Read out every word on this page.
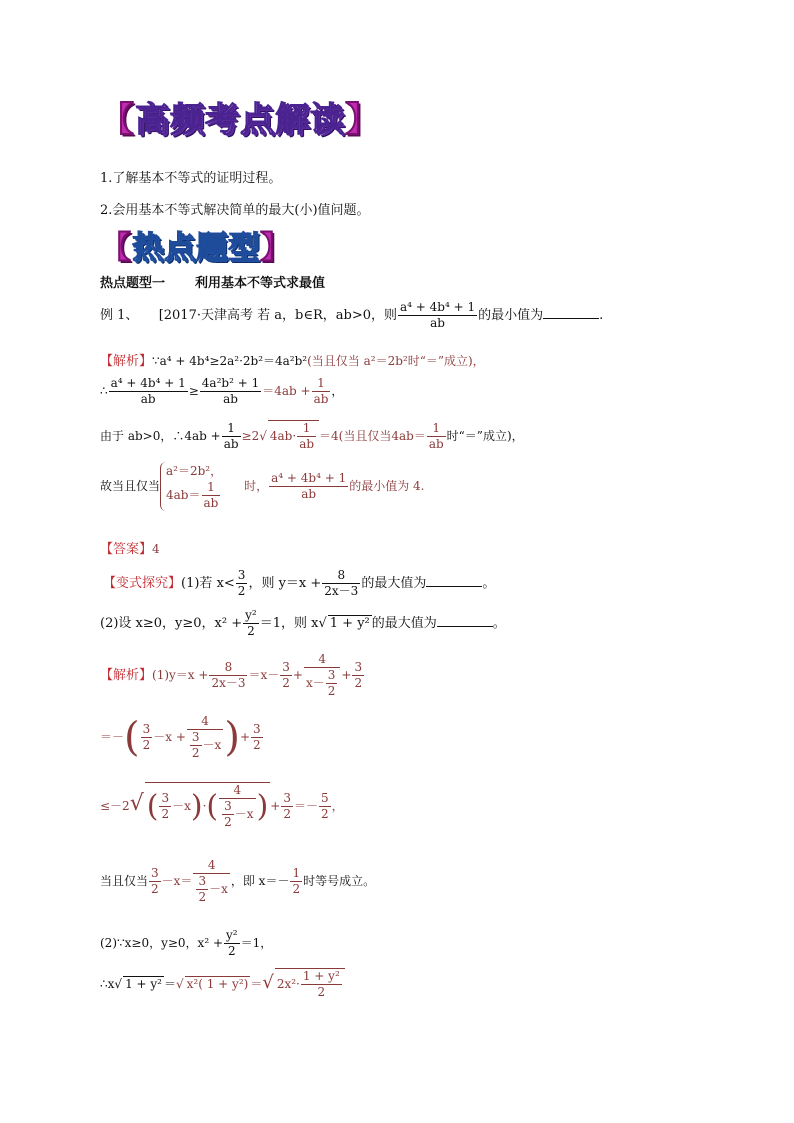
【高频考点解读】
1.了解基本不等式的证明过程。
2.会用基本不等式解决简单的最大(小)值问题。
【热点题型】
热点题型一 利用基本不等式求最值
例 1、 [2017·天津高考 若 a，b∈R，ab>0，则 $\frac{\text{a⁴ + 4b⁴ + 1}}{ab}$ 的最小值为	.
【解析】∵a⁴ + 4b⁴≥2a²·2b²＝4a²b²(当且仅当 a²＝2b²时“＝”成立)，
∴ $\frac{\text{a⁴ + 4b⁴ + 1}}{ab} \ge \frac{\text{4a²b² + 1}}{ab} =4ab + \frac{1}{ab}$ ，
由于 ab>0，∴4ab + $\frac{1}{ab} \ge 2√$ $4ab\cdot \frac{1}{ab} =4$(当且仅当$4ab= \frac{1}{ab}$ 时“＝”成立)，
故当且仅当
a²＝2b²，
$4ab= \frac{1}{ab}$ 时， $\frac{\text{a⁴ + 4b⁴ + 1}}{ab}$ 的最小值为 4.
【答案】4
【变式探究】(1)若 $x< \frac{3}{2}$ ，则 $y=x + \frac{8}{2x-3}$ 的最大值为	。
(2)设 x≥0，y≥0，$x^2 + \frac{\text{y²}}{2} =1$，则 x√ 1 + y² 的最大值为	。
【解析】$(1)y=x + \frac{8}{2x-3} =x- \frac{3}{2} + \frac{4}{x- \frac{3}{2}} + \frac{3}{2}$
＝－( $\frac{3}{2} -x + \frac{4}{\frac{3}{2} -x}$ )+ $\frac{3}{2}$
≤－2√ ( $\frac{3}{2} -x)\cdot( \frac{4}{\frac{3}{2} -x}$ ) + $\frac{3}{2} =- \frac{5}{2}$ ，
当且仅当 $\frac{3}{2} -x= \frac{4}{\frac{3}{2} -x}$ ，即 $x=- \frac{1}{2}$ 时等号成立。
(2)∵x≥0，y≥0，$x^2 + \frac{\text{y²}}{2} =1$，
∴x√ 1 + y² ＝√ x²( 1 + y²) ＝√ $2x^2\cdot \frac{\text{1 + y²}}{2}$
